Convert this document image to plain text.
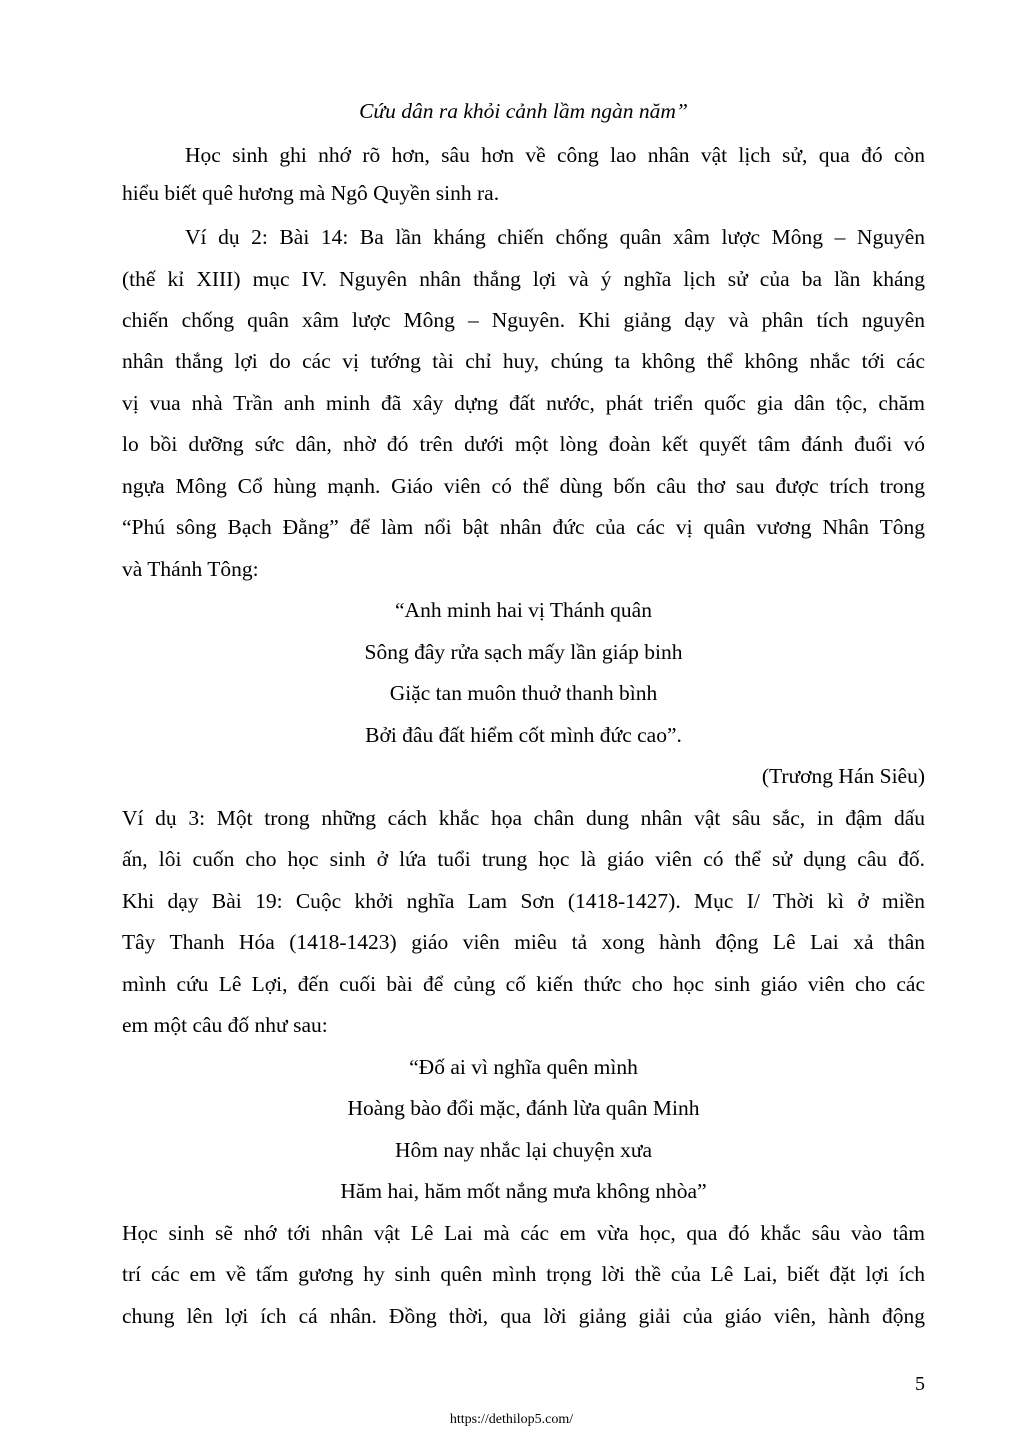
Cứu dân ra khỏi cảnh lầm ngàn năm”
Học sinh ghi nhớ rõ hơn, sâu hơn về công lao nhân vật lịch sử, qua đó còn
hiểu biết quê hương mà Ngô Quyền sinh ra.
Ví dụ 2: Bài 14: Ba lần kháng chiến chống quân xâm lược Mông – Nguyên
(thế kỉ XIII) mục IV. Nguyên nhân thắng lợi và ý nghĩa lịch sử của ba lần kháng
chiến chống quân xâm lược Mông – Nguyên. Khi giảng dạy và phân tích nguyên
nhân thắng lợi do các vị tướng tài chỉ huy, chúng ta không thể không nhắc tới các
vị vua nhà Trần anh minh đã xây dựng đất nước, phát triển quốc gia dân tộc, chăm
lo bồi dưỡng sức dân, nhờ đó trên dưới một lòng đoàn kết quyết tâm đánh đuổi vó
ngựa Mông Cổ hùng mạnh. Giáo viên có thể dùng bốn câu thơ sau được trích trong
“Phú sông Bạch Đằng” để làm nổi bật nhân đức của các vị quân vương Nhân Tông
và Thánh Tông:
“Anh minh hai vị Thánh quân
Sông đây rửa sạch mấy lần giáp binh
Giặc tan muôn thuở thanh bình
Bởi đâu đất hiểm cốt mình đức cao”.
(Trương Hán Siêu)
Ví dụ 3: Một trong những cách khắc họa chân dung nhân vật sâu sắc, in đậm dấu
ấn, lôi cuốn cho học sinh ở lứa tuổi trung học là giáo viên có thể sử dụng câu đố.
Khi dạy Bài 19: Cuộc khởi nghĩa Lam Sơn (1418-1427). Mục I/ Thời kì ở miền
Tây Thanh Hóa (1418-1423) giáo viên miêu tả xong hành động Lê Lai xả thân
mình cứu Lê Lợi, đến cuối bài để củng cố kiến thức cho học sinh giáo viên cho các
em một câu đố như sau:
“Đố ai vì nghĩa quên mình
Hoàng bào đổi mặc, đánh lừa quân Minh
Hôm nay nhắc lại chuyện xưa
Hăm hai, hăm mốt nắng mưa không nhòa”
Học sinh sẽ nhớ tới nhân vật Lê Lai mà các em vừa học, qua đó khắc sâu vào tâm
trí các em về tấm gương hy sinh quên mình trọng lời thề của Lê Lai, biết đặt lợi ích
chung lên lợi ích cá nhân. Đồng thời, qua lời giảng giải của giáo viên, hành động
5
https://dethilop5.com/
